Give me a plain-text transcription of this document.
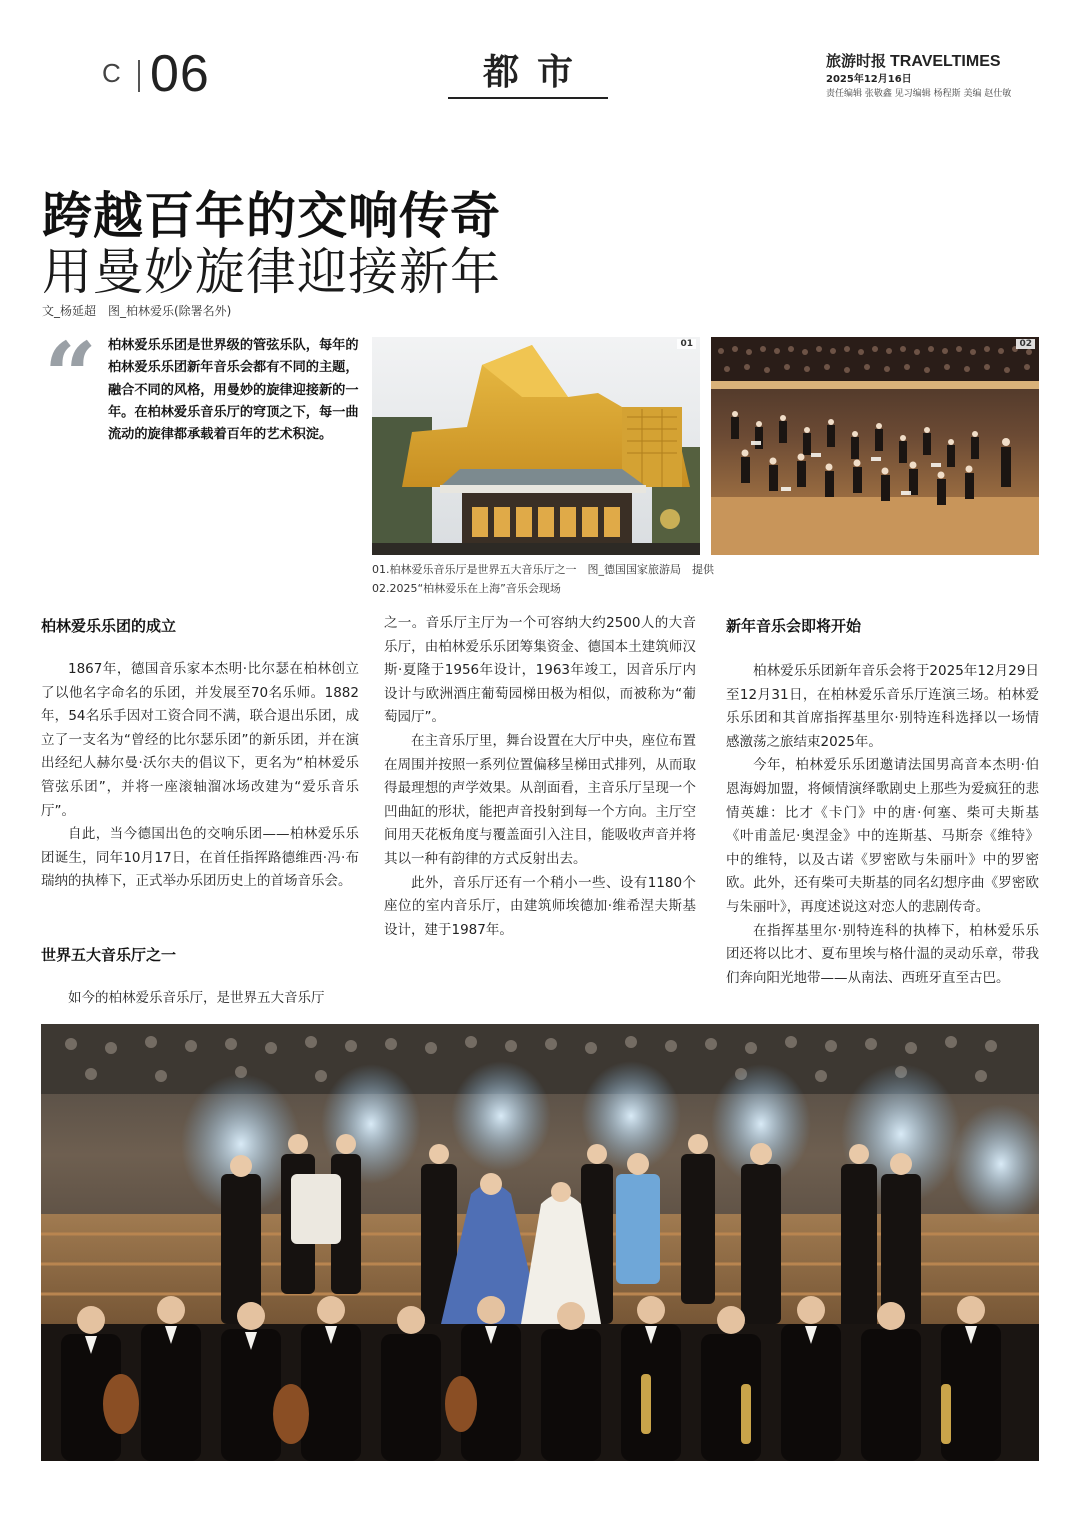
C 06	都市	旅游时报 TRAVELTIMES
2025年12月16日
责任编辑 张敬鑫 见习编辑 杨程斯 美编 赵仕敏
跨越百年的交响传奇
用曼妙旋律迎接新年
文_杨延超　图_柏林爱乐(除署名外)
“ 柏林爱乐乐团是世界级的管弦乐队，每年的柏林爱乐乐团新年音乐会都有不同的主题，融合不同的风格，用曼妙的旋律迎接新的一年。在柏林爱乐音乐厅的穹顶之下，每一曲流动的旋律都承载着百年的艺术积淀。
01	02
01.柏林爱乐音乐厅是世界五大音乐厅之一　图_德国国家旅游局　提供
02.2025“柏林爱乐在上海”音乐会现场
柏林爱乐乐团的成立

1867年，德国音乐家本杰明·比尔瑟在柏林创立了以他名字命名的乐团，并发展至70名乐师。1882年，54名乐手因对工资合同不满，联合退出乐团，成立了一支名为“曾经的比尔瑟乐团”的新乐团，并在演出经纪人赫尔曼·沃尔夫的倡议下，更名为“柏林爱乐管弦乐团”，并将一座滚轴溜冰场改建为“爱乐音乐厅”。

自此，当今德国出色的交响乐团——柏林爱乐乐团诞生，同年10月17日，在首任指挥路德维西·冯·布瑞纳的执棒下，正式举办乐团历史上的首场音乐会。

世界五大音乐厅之一

如今的柏林爱乐音乐厅，是世界五大音乐厅

之一。音乐厅主厅为一个可容纳大约2500人的大音乐厅，由柏林爱乐乐团筹集资金、德国本土建筑师汉斯·夏隆于1956年设计，1963年竣工，因音乐厅内设计与欧洲酒庄葡萄园梯田极为相似，而被称为“葡萄园厅”。

在主音乐厅里，舞台设置在大厅中央，座位布置在周围并按照一系列位置偏移呈梯田式排列，从而取得最理想的声学效果。从剖面看，主音乐厅呈现一个凹曲缸的形状，能把声音投射到每一个方向。主厅空间用天花板角度与覆盖面引入注目，能吸收声音并将其以一种有韵律的方式反射出去。

此外，音乐厅还有一个稍小一些、设有1180个座位的室内音乐厅，由建筑师埃德加·维希涅夫斯基设计，建于1987年。

新年音乐会即将开始

柏林爱乐乐团新年音乐会将于2025年12月29日至12月31日，在柏林爱乐音乐厅连演三场。柏林爱乐乐团和其首席指挥基里尔·别特连科选择以一场情感激荡之旅结束2025年。

今年，柏林爱乐乐团邀请法国男高音本杰明·伯恩海姆加盟，将倾情演绎歌剧史上那些为爱疯狂的悲情英雄：比才《卡门》中的唐·何塞、柴可夫斯基《叶甫盖尼·奥涅金》中的连斯基、马斯奈《维特》中的维特，以及古诺《罗密欧与朱丽叶》中的罗密欧。此外，还有柴可夫斯基的同名幻想序曲《罗密欧与朱丽叶》，再度述说这对恋人的悲剧传奇。

在指挥基里尔·别特连科的执棒下，柏林爱乐乐团还将以比才、夏布里埃与格什温的灵动乐章，带我们奔向阳光地带——从南法、西班牙直至古巴。
